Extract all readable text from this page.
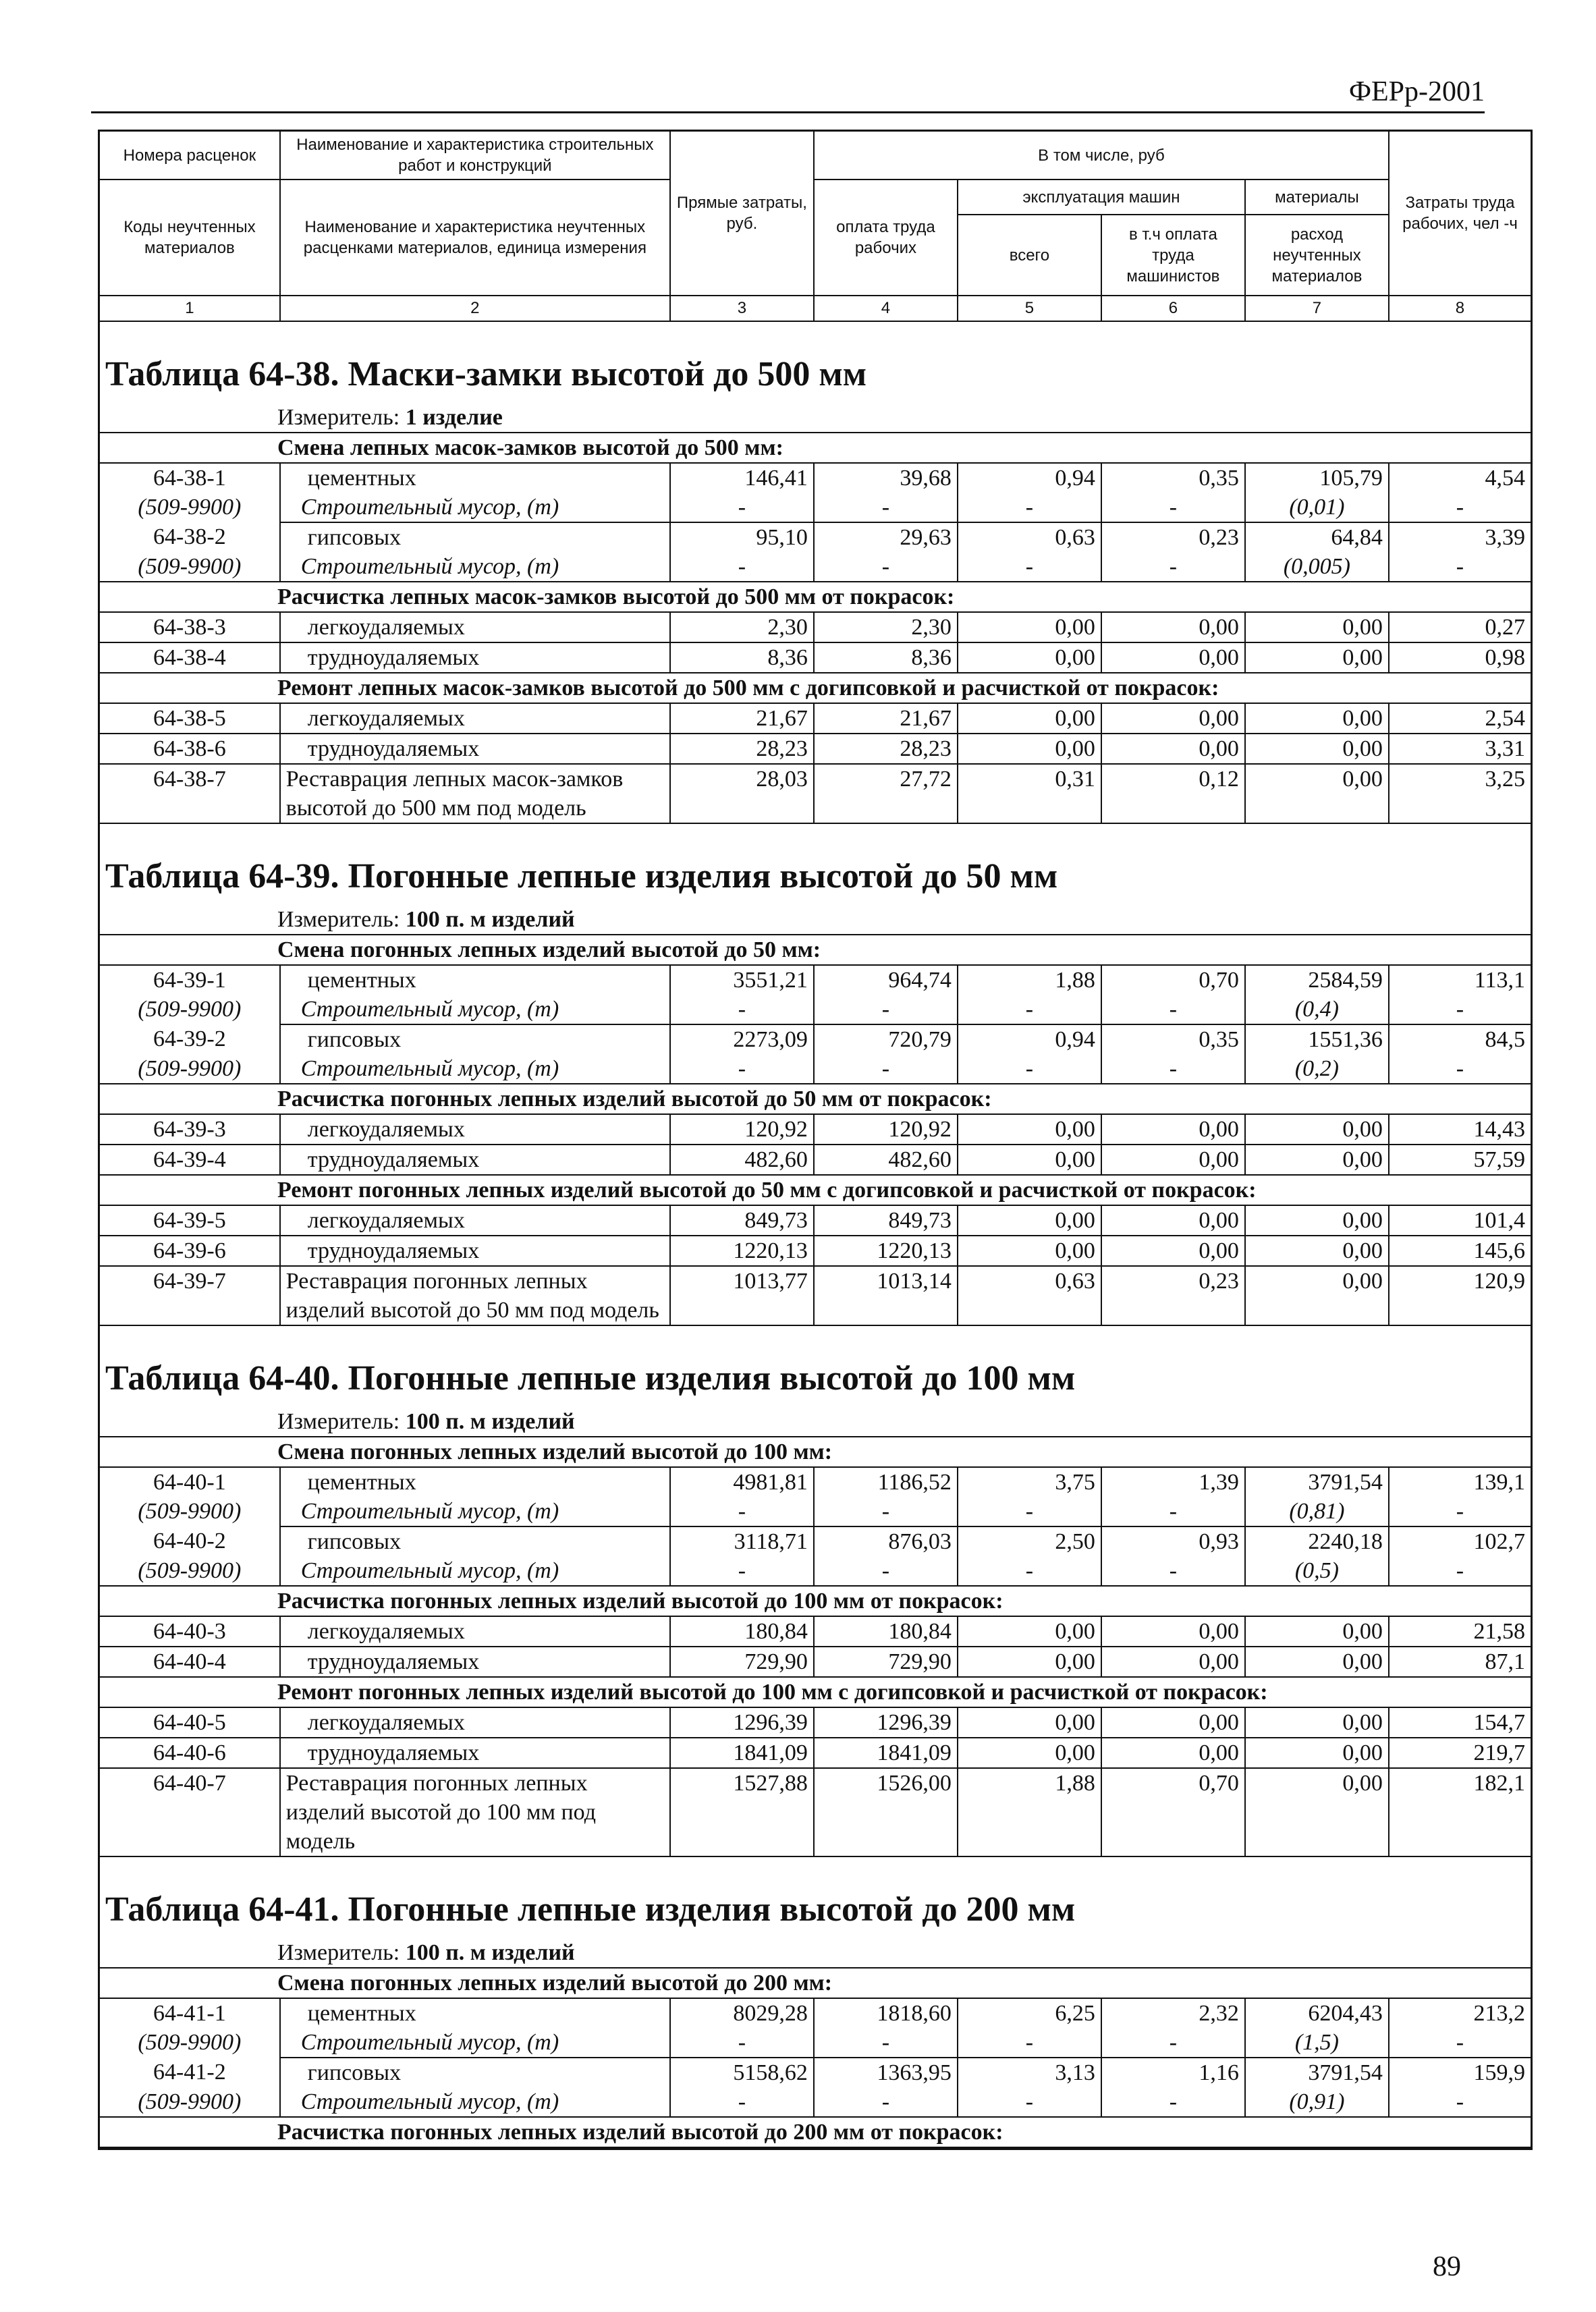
ФЕРр-2001
Номера расценок	Наименование и характеристика строительных работ и конструкций	Прямые затраты, руб.	В том числе, руб				Затраты труда рабочих, чел -ч
Коды неучтенных материалов	Наименование и характеристика неучтенных расценками материалов, единица измерения		оплата труда рабочих	эксплуатация машин		материалы	
				всего	в т.ч оплата труда машинистов	расход неучтенных материалов	
1	2	3	4	5	6	7	8
Таблица 64-38. Маски-замки высотой до 500 мм
Измеритель: 1 изделие
Смена лепных масок-замков высотой до 500 мм:							
64-38-1	цементных	146,41	39,68	0,94	0,35	105,79	4,54
(509-9900)	Строительный мусор, (т)	-	-	-	-	(0,01)	-
64-38-2	гипсовых	95,10	29,63	0,63	0,23	64,84	3,39
(509-9900)	Строительный мусор, (т)	-	-	-	-	(0,005)	-
Расчистка лепных масок-замков высотой до 500 мм от покрасок:							
64-38-3	легкоудаляемых	2,30	2,30	0,00	0,00	0,00	0,27
64-38-4	трудноудаляемых	8,36	8,36	0,00	0,00	0,00	0,98
Ремонт лепных масок-замков высотой до 500 мм с догипсовкой и расчисткой от покрасок:							
64-38-5	легкоудаляемых	21,67	21,67	0,00	0,00	0,00	2,54
64-38-6	трудноудаляемых	28,23	28,23	0,00	0,00	0,00	3,31
64-38-7	Реставрация лепных масок-замков высотой до 500 мм под модель	28,03	27,72	0,31	0,12	0,00	3,25
Таблица 64-39. Погонные лепные изделия высотой до 50 мм
Измеритель: 100 п. м изделий
Смена погонных лепных изделий высотой до 50 мм:							
64-39-1	цементных	3551,21	964,74	1,88	0,70	2584,59	113,1
(509-9900)	Строительный мусор, (т)	-	-	-	-	(0,4)	-
64-39-2	гипсовых	2273,09	720,79	0,94	0,35	1551,36	84,5
(509-9900)	Строительный мусор, (т)	-	-	-	-	(0,2)	-
Расчистка погонных лепных изделий высотой до 50 мм от покрасок:							
64-39-3	легкоудаляемых	120,92	120,92	0,00	0,00	0,00	14,43
64-39-4	трудноудаляемых	482,60	482,60	0,00	0,00	0,00	57,59
Ремонт погонных лепных изделий высотой до 50 мм с догипсовкой и расчисткой от покрасок:							
64-39-5	легкоудаляемых	849,73	849,73	0,00	0,00	0,00	101,4
64-39-6	трудноудаляемых	1220,13	1220,13	0,00	0,00	0,00	145,6
64-39-7	Реставрация погонных лепных изделий высотой до 50 мм под модель	1013,77	1013,14	0,63	0,23	0,00	120,9
Таблица 64-40. Погонные лепные изделия высотой до 100 мм
Измеритель: 100 п. м изделий
Смена погонных лепных изделий высотой до 100 мм:							
64-40-1	цементных	4981,81	1186,52	3,75	1,39	3791,54	139,1
(509-9900)	Строительный мусор, (т)	-	-	-	-	(0,81)	-
64-40-2	гипсовых	3118,71	876,03	2,50	0,93	2240,18	102,7
(509-9900)	Строительный мусор, (т)	-	-	-	-	(0,5)	-
Расчистка погонных лепных изделий высотой до 100 мм от покрасок:							
64-40-3	легкоудаляемых	180,84	180,84	0,00	0,00	0,00	21,58
64-40-4	трудноудаляемых	729,90	729,90	0,00	0,00	0,00	87,1
Ремонт погонных лепных изделий высотой до 100 мм с догипсовкой и расчисткой от покрасок:							
64-40-5	легкоудаляемых	1296,39	1296,39	0,00	0,00	0,00	154,7
64-40-6	трудноудаляемых	1841,09	1841,09	0,00	0,00	0,00	219,7
64-40-7	Реставрация погонных лепных изделий высотой до 100 мм под модель	1527,88	1526,00	1,88	0,70	0,00	182,1
Таблица 64-41. Погонные лепные изделия высотой до 200 мм
Измеритель: 100 п. м изделий
Смена погонных лепных изделий высотой до 200 мм:							
64-41-1	цементных	8029,28	1818,60	6,25	2,32	6204,43	213,2
(509-9900)	Строительный мусор, (т)	-	-	-	-	(1,5)	-
64-41-2	гипсовых	5158,62	1363,95	3,13	1,16	3791,54	159,9
(509-9900)	Строительный мусор, (т)	-	-	-	-	(0,91)	-
Расчистка погонных лепных изделий высотой до 200 мм от покрасок:							
89
